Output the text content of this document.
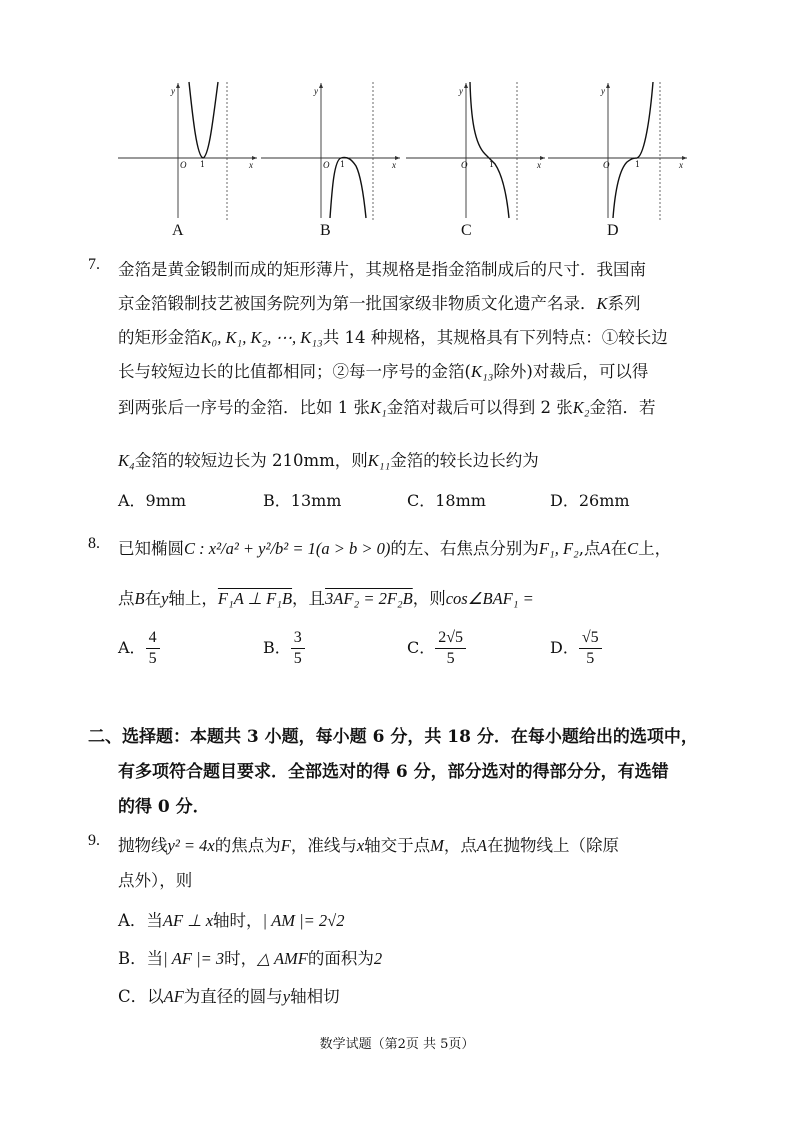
y
x
O 1
A
y
x
O 1
B
y
x
O	1
C
y
x
O	1
D
7. 金箔是黄金锻制而成的矩形薄片，其规格是指金箔制成后的尺寸．我国南
京金箔锻制技艺被国务院列为第一批国家级非物质文化遗产名录．K系列
的矩形金箔K₀, K₁, K₂, ⋯, K₁₃共 14 种规格，其规格具有下列特点：①较长边
长与较短边长的比值都相同；②每一序号的金箔(K₁₃除外)对裁后，可以得
到两张后一序号的金箔．比如 1 张K₁金箔对裁后可以得到 2 张K₂金箔．若
K₄金箔的较短边长为 210mm，则K₁₁金箔的较长边长约为
A．9mm	B．13mm	C．18mm	D．26mm
8. 已知椭圆C : x²/a² + y²/b² = 1(a > b > 0)的左、右焦点分别为F₁, F₂,点A在C上，
点B在y轴上，F₁A ⊥ F₁B，且3AF₂ = 2F₂B，则cos∠BAF₁ =
A． $\frac{4}{5}$	B． $\frac{3}{5}$	C． $\frac{2√5}{5}$	D． $\frac{√5}{5}$
二、选择题：本题共 3 小题，每小题 6 分，共 18 分．在每小题给出的选项中，
有多项符合题目要求．全部选对的得 6 分，部分选对的得部分分，有选错
的得 0 分．
9. 抛物线y² = 4x的焦点为F，准线与x轴交于点M，点A在抛物线上（除原
点外），则
A．当AF ⊥ x轴时，| AM |= 2√2
B．当| AF |= 3时，△ AMF的面积为2
C．以AF为直径的圆与y轴相切
数学试题（第2页 共 5页）
